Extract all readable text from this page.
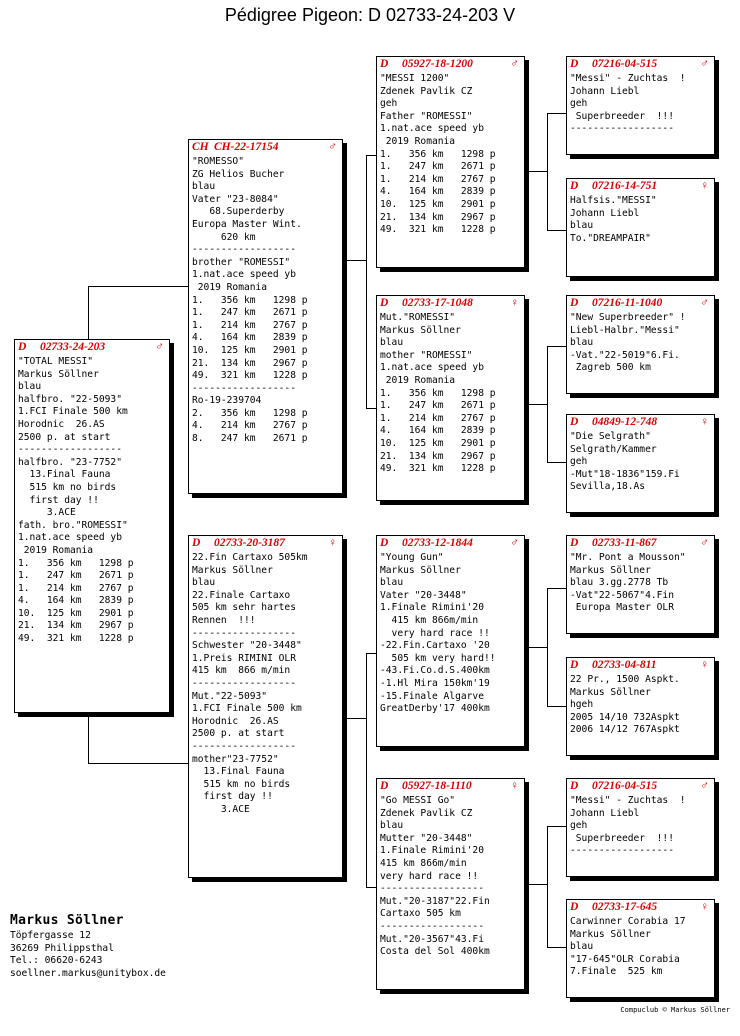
Pédigree Pigeon: D 02733-24-203 V
D 02733-24-203	♂
"TOTAL MESSI"
Markus Söllner
blau
halfbro. "22-5093"
1.FCI Finale 500 km
Horodnic  26.AS
2500 p. at start
------------------
halfbro. "23-7752"
13.Final Fauna
515 km no birds
first day !!
3.ACE
fath. bro."ROMESSI"
1.nat.ace speed yb
2019 Romania
1.   356 km   1298 p
1.   247 km   2671 p
1.   214 km   2767 p
4.   164 km   2839 p
10.  125 km   2901 p
21.  134 km   2967 p
49.  321 km   1228 p
CH CH-22-17154	♂
"ROMESSO"
ZG Helios Bucher
blau
Vater "23-8084"
68.Superderby
Europa Master Wint.
620 km
------------------
brother "ROMESSI"
1.nat.ace speed yb
2019 Romania
1.   356 km   1298 p
1.   247 km   2671 p
1.   214 km   2767 p
4.   164 km   2839 p
10.  125 km   2901 p
21.  134 km   2967 p
49.  321 km   1228 p
------------------
Ro-19-239704
2.   356 km   1298 p
4.   214 km   2767 p
8.   247 km   2671 p
D 02733-20-3187	♀
22.Fin Cartaxo 505km
Markus Söllner
blau
22.Finale Cartaxo
505 km sehr hartes
Rennen  !!!
------------------
Schwester "20-3448"
1.Preis RIMINI OLR
415 km  866 m/min
------------------
Mut."22-5093"
1.FCI Finale 500 km
Horodnic  26.AS
2500 p. at start
------------------
mother"23-7752"
13.Final Fauna
515 km no birds
first day !!
3.ACE
D 05927-18-1200	♂
"MESSI 1200"
Zdenek Pavlik CZ
geh
Father "ROMESSI"
1.nat.ace speed yb
2019 Romania
1.   356 km   1298 p
1.   247 km   2671 p
1.   214 km   2767 p
4.   164 km   2839 p
10.  125 km   2901 p
21.  134 km   2967 p
49.  321 km   1228 p
D 02733-17-1048	♀
Mut."ROMESSI"
Markus Söllner
blau
mother "ROMESSI"
1.nat.ace speed yb
2019 Romania
1.   356 km   1298 p
1.   247 km   2671 p
1.   214 km   2767 p
4.   164 km   2839 p
10.  125 km   2901 p
21.  134 km   2967 p
49.  321 km   1228 p
D 02733-12-1844	♂
"Young Gun"
Markus Söllner
blau
Vater "20-3448"
1.Finale Rimini'20
415 km 866m/min
very hard race !!
-22.Fin.Cartaxo '20
505 km very hard!!
-43.Fi.Co.d.S.400km
-1.Hl Mira 150km'19
-15.Finale Algarve
GreatDerby'17 400km
D 05927-18-1110	♀
"Go MESSI Go"
Zdenek Pavlik CZ
blau
Mutter "20-3448"
1.Finale Rimini'20
415 km 866m/min
very hard race !!
------------------
Mut."20-3187"22.Fin
Cartaxo 505 km
------------------
Mut."20-3567"43.Fi
Costa del Sol 400km
D 07216-04-515	♂
"Messi" - Zuchtas  !
Johann Liebl
geh
Superbreeder  !!!
------------------
D 07216-14-751	♀
Halfsis."MESSI"
Johann Liebl
blau
To."DREAMPAIR"
D 07216-11-1040	♂
"New Superbreeder" !
Liebl-Halbr."Messi"
blau
-Vat."22-5019"6.Fi.
Zagreb 500 km
D 04849-12-748	♀
"Die Selgrath"
Selgrath/Kammer
geh
-Mut"18-1836"159.Fi
Sevilla,18.As
D 02733-11-867	♂
"Mr. Pont a Mousson"
Markus Söllner
blau 3.gg.2778 Tb
-Vat"22-5067"4.Fin
Europa Master OLR
D 02733-04-811	♀
22 Pr., 1500 Aspkt.
Markus Söllner
hgeh
2005 14/10 732Aspkt
2006 14/12 767Aspkt
D 07216-04-515	♂
"Messi" - Zuchtas  !
Johann Liebl
geh
Superbreeder  !!!
------------------
D 02733-17-645	♀
Carwinner Corabia 17
Markus Söllner
blau
"17-645"OLR Corabia
7.Finale  525 km
Markus Söllner
Töpfergasse 12
36269 Philippsthal
Tel.: 06620-6243
soellner.markus@unitybox.de
Compuclub © Markus Söllner
